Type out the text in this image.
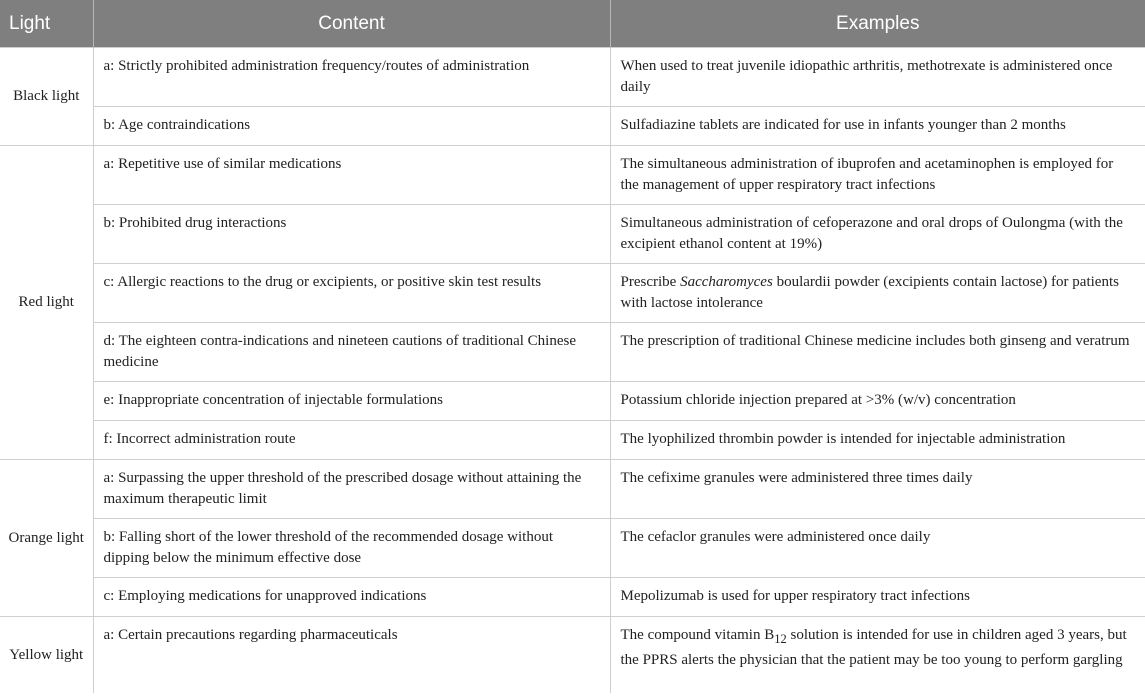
Light	Content	Examples
Black light	a: Strictly prohibited administration frequency/routes of administration	When used to treat juvenile idiopathic arthritis, methotrexate is administered once daily
	b: Age contraindications	Sulfadiazine tablets are indicated for use in infants younger than 2 months
Red light	a: Repetitive use of similar medications	The simultaneous administration of ibuprofen and acetaminophen is employed for the management of upper respiratory tract infections
	b: Prohibited drug interactions	Simultaneous administration of cefoperazone and oral drops of Oulongma (with the excipient ethanol content at 19%)
	c: Allergic reactions to the drug or excipients, or positive skin test results	Prescribe Saccharomyces boulardii powder (excipients contain lactose) for patients with lactose intolerance
	d: The eighteen contra-indications and nineteen cautions of traditional Chinese medicine	The prescription of traditional Chinese medicine includes both ginseng and veratrum
	e: Inappropriate concentration of injectable formulations	Potassium chloride injection prepared at >3% (w/v) concentration
	f: Incorrect administration route	The lyophilized thrombin powder is intended for injectable administration
Orange light	a: Surpassing the upper threshold of the prescribed dosage without attaining the maximum therapeutic limit	The cefixime granules were administered three times daily
	b: Falling short of the lower threshold of the recommended dosage without dipping below the minimum effective dose	The cefaclor granules were administered once daily
	c: Employing medications for unapproved indications	Mepolizumab is used for upper respiratory tract infections
Yellow light	a: Certain precautions regarding pharmaceuticals	The compound vitamin $B_{12}$ solution is intended for use in children aged 3 years, but the PPRS alerts the physician that the patient may be too young to perform gargling
